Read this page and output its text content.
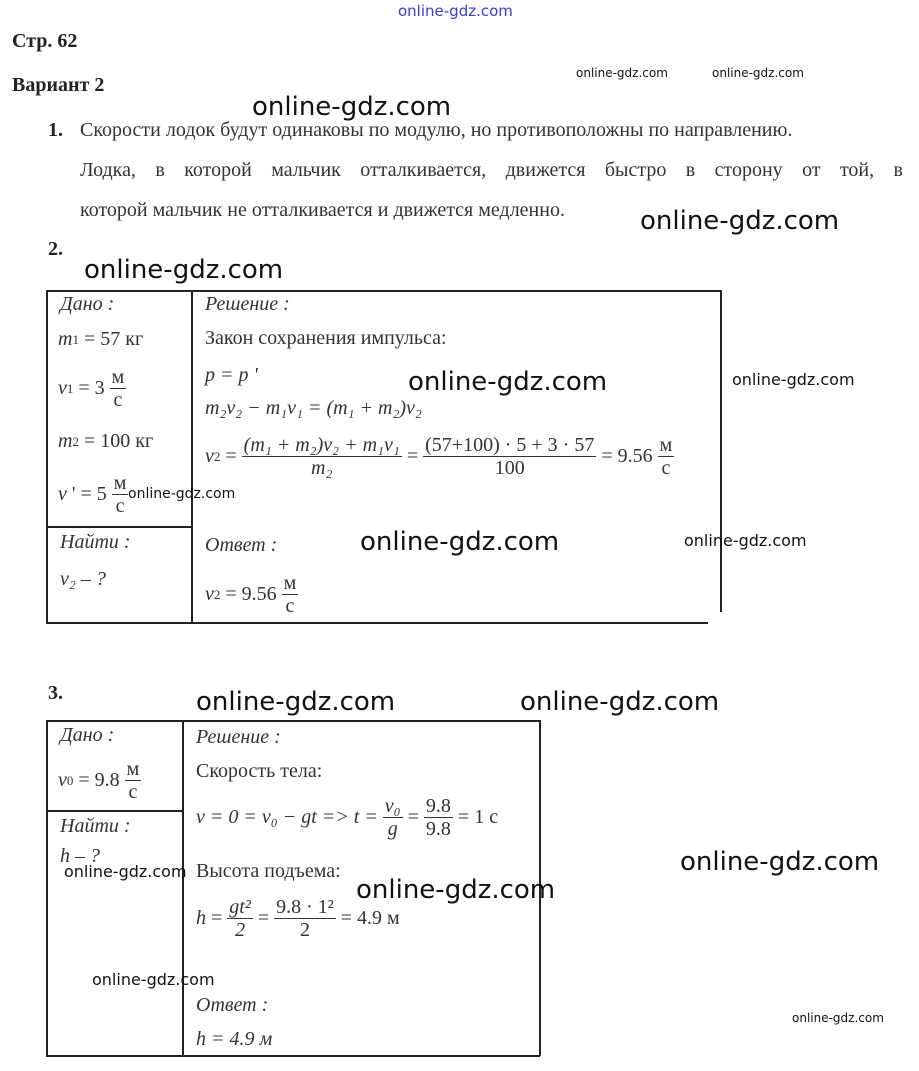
online-gdz.com
Стр. 62
Вариант 2
1. Скорости лодок будут одинаковы по модулю, но противоположны по направлению.
Лодка, в которой мальчик отталкивается, движется быстро в сторону от той, в
которой мальчик не отталкивается и движется медленно.
2.
Дано :
m 1 = 57 кг
v 1 = 3
$\frac{м}{с}$
m 2 = 100 кг
v ' = 5
$\frac{м}{с}$
Найти :
v₂ – ?
Решение :
Закон сохранения импульса:
p = p '
m₂v₂ − m₁v₁ = (m₁ + m₂)v₂
v $2 = \frac{\text{(m₁ + m₂)v₂ + m₁v₁}}{\text{m₂}} = \frac{(57+100) \cdot 5 + 3 \cdot 57}{100} = 9.56$
$\frac{м}{с}$
Ответ :
v 2 = 9.56
$\frac{м}{с}$
3.
Дано :
v 0 = 9.8
$\frac{м}{с}$
Найти :
h – ?
Решение :
Скорость тела:
v = 0 = v₀ − gt => t =
$\frac{\text{v₀}}{g} = \frac{9.8}{9.8}$
= 1 с
Высота подъема:
$h = \frac{\text{gt²}}{2} = \frac{\text{9.8 · 1²}}{2}$
= 4.9 м
Ответ :
h = 4.9 м
online-gdz.com	online-gdz.com
online-gdz.com
online-gdz.com
online-gdz.com
online-gdz.com	online-gdz.com
online-gdz.com
online-gdz.com	online-gdz.com
online-gdz.com	online-gdz.com
online-gdz.com
online-gdz.com
online-gdz.com
online-gdz.com
online-gdz.com
